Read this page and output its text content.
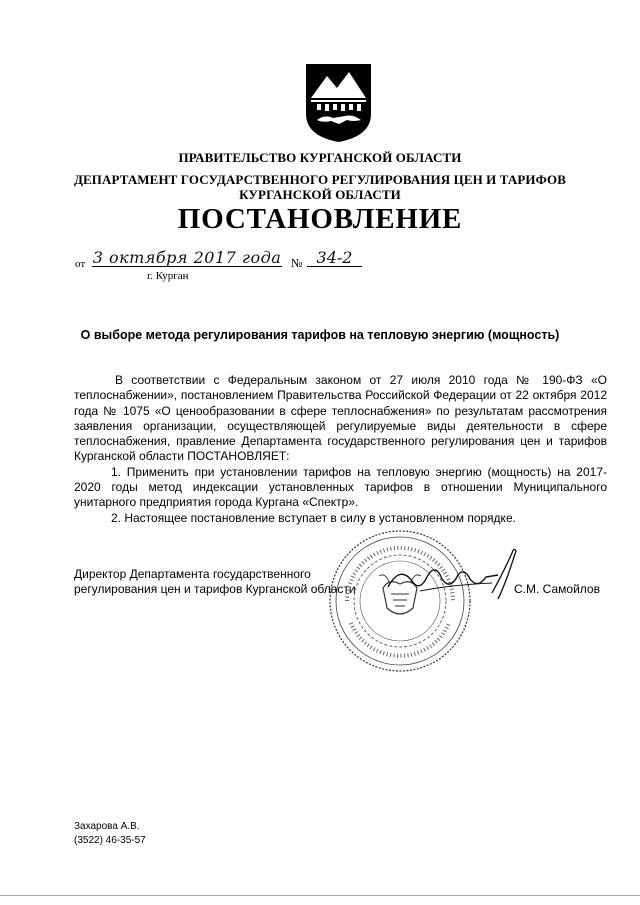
ПРАВИТЕЛЬСТВО КУРГАНСКОЙ ОБЛАСТИ
ДЕПАРТАМЕНТ ГОСУДАРСТВЕННОГО РЕГУЛИРОВАНИЯ ЦЕН И ТАРИФОВ
КУРГАНСКОЙ ОБЛАСТИ
ПОСТАНОВЛЕНИЕ
от 3 октября 2017 года № 34-2
г. Курган
О выборе метода регулирования тарифов на тепловую энергию (мощность)

В соответствии с Федеральным законом от 27 июля 2010 года № 190-ФЗ «О теплоснабжении», постановлением Правительства Российской Федерации от 22 октября 2012 года № 1075 «О ценообразовании в сфере теплоснабжения» по результатам рассмотрения заявления организации, осуществляющей регулируемые виды деятельности в сфере теплоснабжения, правление Департамента государственного регулирования цен и тарифов Курганской области ПОСТАНОВЛЯЕТ:

1. Применить при установлении тарифов на тепловую энергию (мощность) на 2017-2020 годы метод индексации установленных тарифов в отношении Муниципального унитарного предприятия города Кургана «Спектр».

2. Настоящее постановление вступает в силу в установленном порядке.

Директор Департамента государственного
регулирования цен и тарифов Курганской области	С.М. Самойлов
Захарова А.В.
(3522) 46-35-57
